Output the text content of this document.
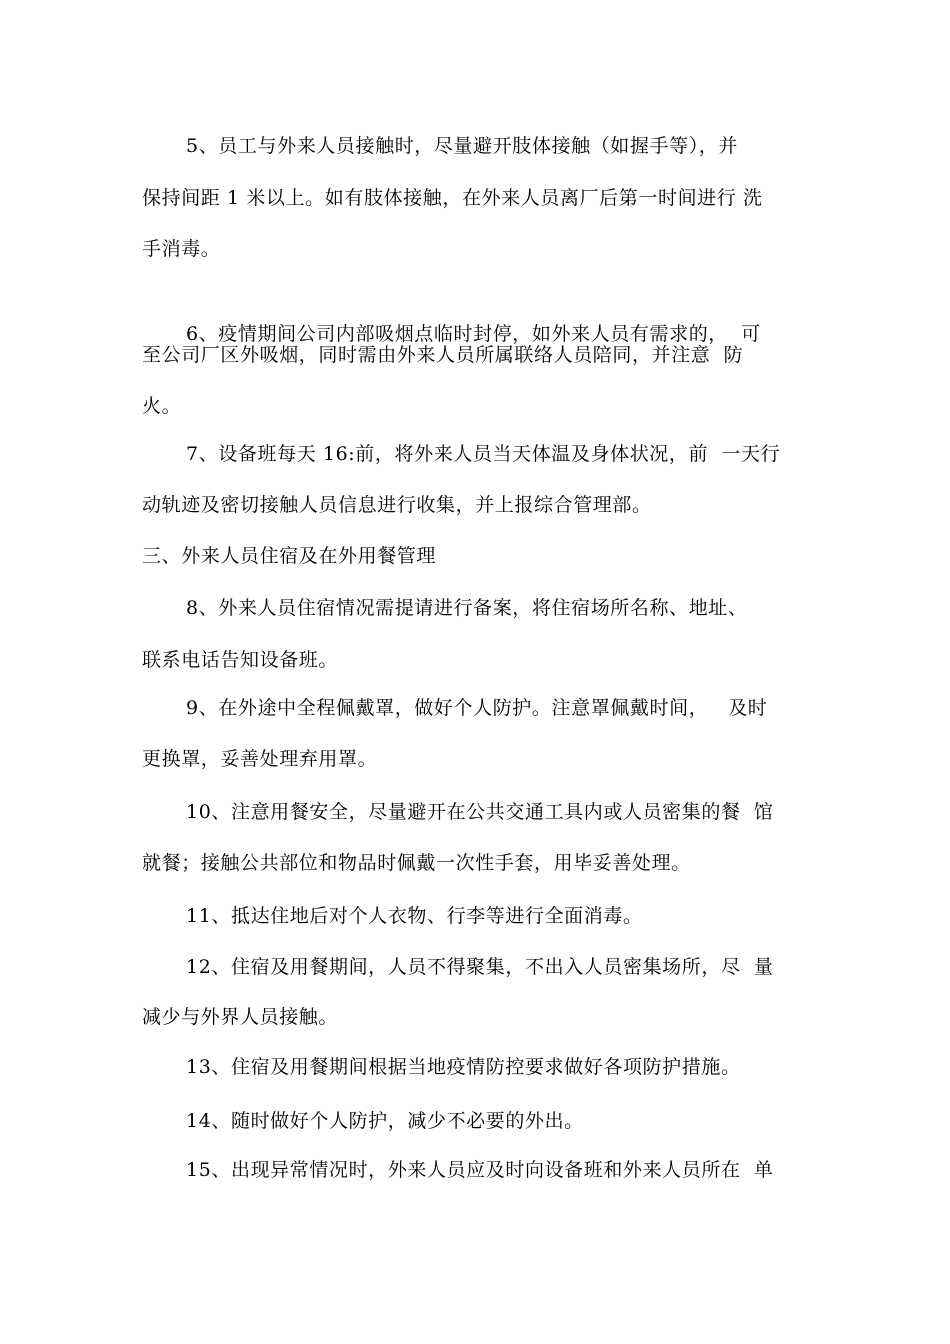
5、员工与外来人员接触时，尽量避开肢体接触（如握手等），并
保持间距 1 米以上。如有肢体接触，在外来人员离厂后第一时间进行 洗
手消毒。
6、疫情期间公司内部吸烟点临时封停，如外来人员有需求的，  可
至公司厂区外吸烟，同时需由外来人员所属联络人员陪同，并注意  防
火。
7、设备班每天 16:前，将外来人员当天体温及身体状况，前  一天行
动轨迹及密切接触人员信息进行收集，并上报综合管理部。
三、外来人员住宿及在外用餐管理
8、外来人员住宿情况需提请进行备案，将住宿场所名称、地址、
联系电话告知设备班。
9、在外途中全程佩戴罩，做好个人防护。注意罩佩戴时间，   及时
更换罩，妥善处理弃用罩。
10、注意用餐安全，尽量避开在公共交通工具内或人员密集的餐  馆
就餐；接触公共部位和物品时佩戴一次性手套，用毕妥善处理。
11、抵达住地后对个人衣物、行李等进行全面消毒。
12、住宿及用餐期间，人员不得聚集，不出入人员密集场所，尽  量
减少与外界人员接触。
13、住宿及用餐期间根据当地疫情防控要求做好各项防护措施。
14、随时做好个人防护，减少不必要的外出。
15、出现异常情况时，外来人员应及时向设备班和外来人员所在  单
